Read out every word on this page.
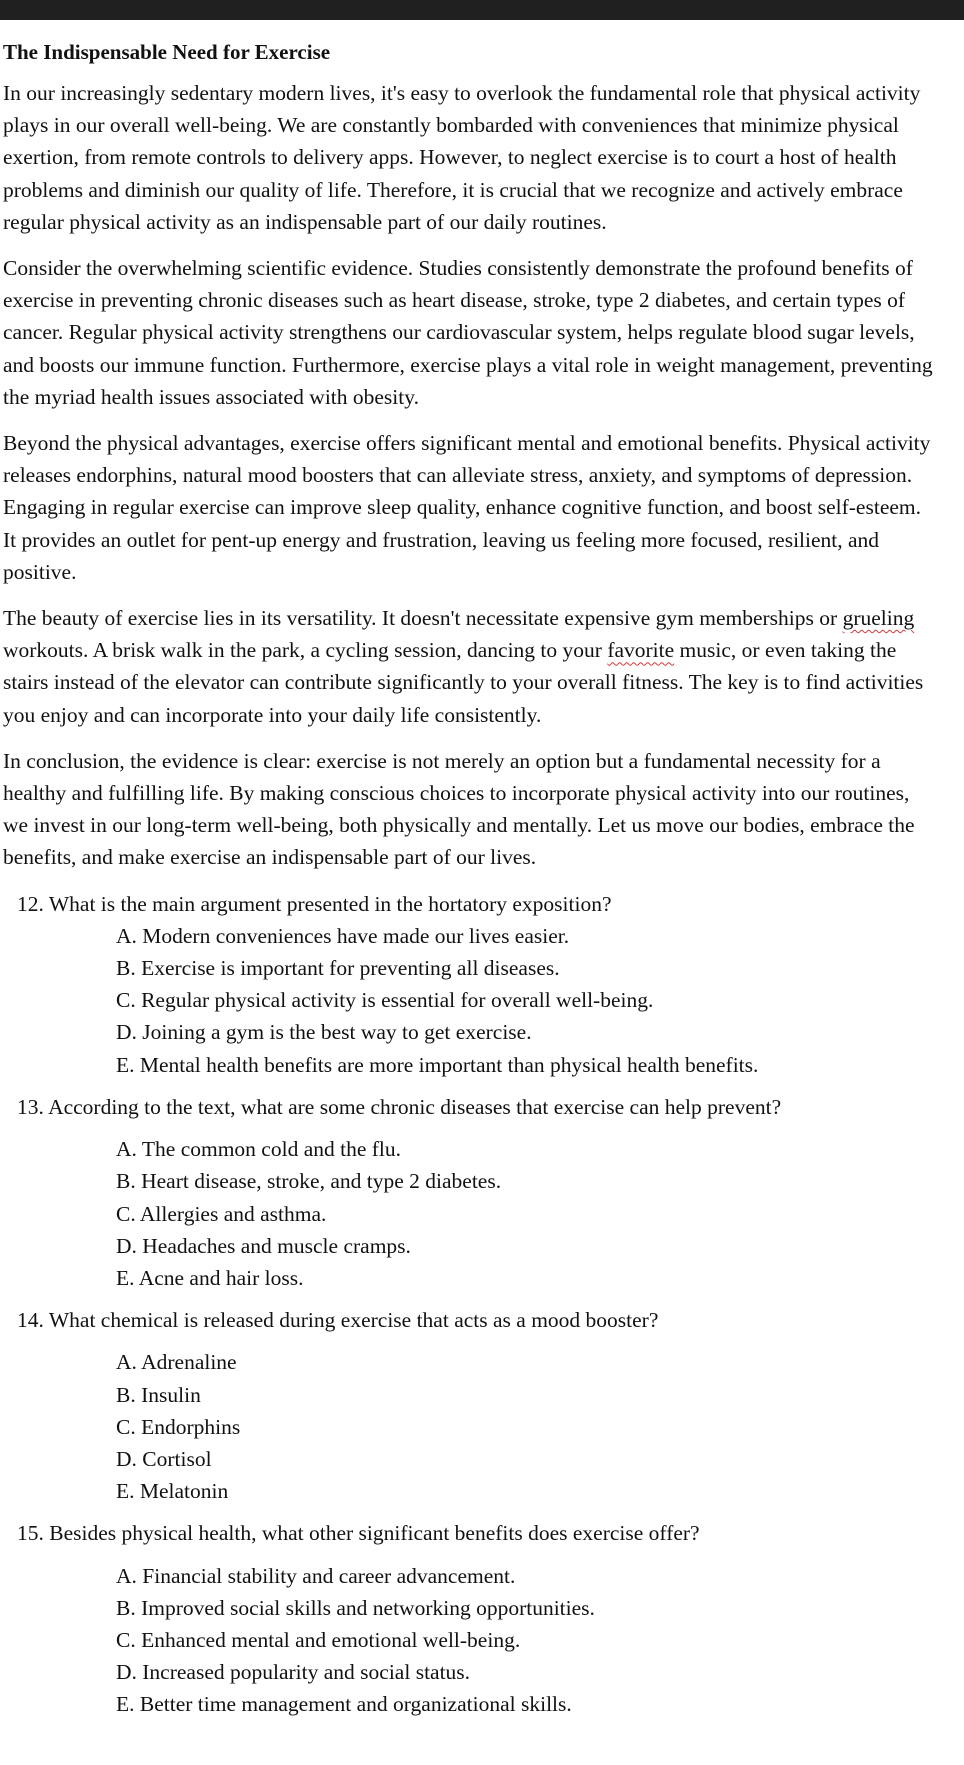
The Indispensable Need for Exercise

In our increasingly sedentary modern lives, it's easy to overlook the fundamental role that physical activity plays in our overall well-being. We are constantly bombarded with conveniences that minimize physical exertion, from remote controls to delivery apps. However, to neglect exercise is to court a host of health problems and diminish our quality of life. Therefore, it is crucial that we recognize and actively embrace regular physical activity as an indispensable part of our daily routines.

Consider the overwhelming scientific evidence. Studies consistently demonstrate the profound benefits of exercise in preventing chronic diseases such as heart disease, stroke, type 2 diabetes, and certain types of cancer. Regular physical activity strengthens our cardiovascular system, helps regulate blood sugar levels, and boosts our immune function. Furthermore, exercise plays a vital role in weight management, preventing the myriad health issues associated with obesity.

Beyond the physical advantages, exercise offers significant mental and emotional benefits. Physical activity releases endorphins, natural mood boosters that can alleviate stress, anxiety, and symptoms of depression. Engaging in regular exercise can improve sleep quality, enhance cognitive function, and boost self-esteem. It provides an outlet for pent-up energy and frustration, leaving us feeling more focused, resilient, and positive.

The beauty of exercise lies in its versatility. It doesn't necessitate expensive gym memberships or grueling workouts. A brisk walk in the park, a cycling session, dancing to your favorite music, or even taking the stairs instead of the elevator can contribute significantly to your overall fitness. The key is to find activities you enjoy and can incorporate into your daily life consistently.

In conclusion, the evidence is clear: exercise is not merely an option but a fundamental necessity for a healthy and fulfilling life. By making conscious choices to incorporate physical activity into our routines, we invest in our long-term well-being, both physically and mentally. Let us move our bodies, embrace the benefits, and make exercise an indispensable part of our lives.

12. What is the main argument presented in the hortatory exposition?

A. Modern conveniences have made our lives easier.
B. Exercise is important for preventing all diseases.
C. Regular physical activity is essential for overall well-being.
D. Joining a gym is the best way to get exercise.
E. Mental health benefits are more important than physical health benefits.

13. According to the text, what are some chronic diseases that exercise can help prevent?

A. The common cold and the flu.
B. Heart disease, stroke, and type 2 diabetes.
C. Allergies and asthma.
D. Headaches and muscle cramps.
E. Acne and hair loss.

14. What chemical is released during exercise that acts as a mood booster?

A. Adrenaline
B. Insulin
C. Endorphins
D. Cortisol
E. Melatonin

15. Besides physical health, what other significant benefits does exercise offer?

A. Financial stability and career advancement.
B. Improved social skills and networking opportunities.
C. Enhanced mental and emotional well-being.
D. Increased popularity and social status.
E. Better time management and organizational skills.
